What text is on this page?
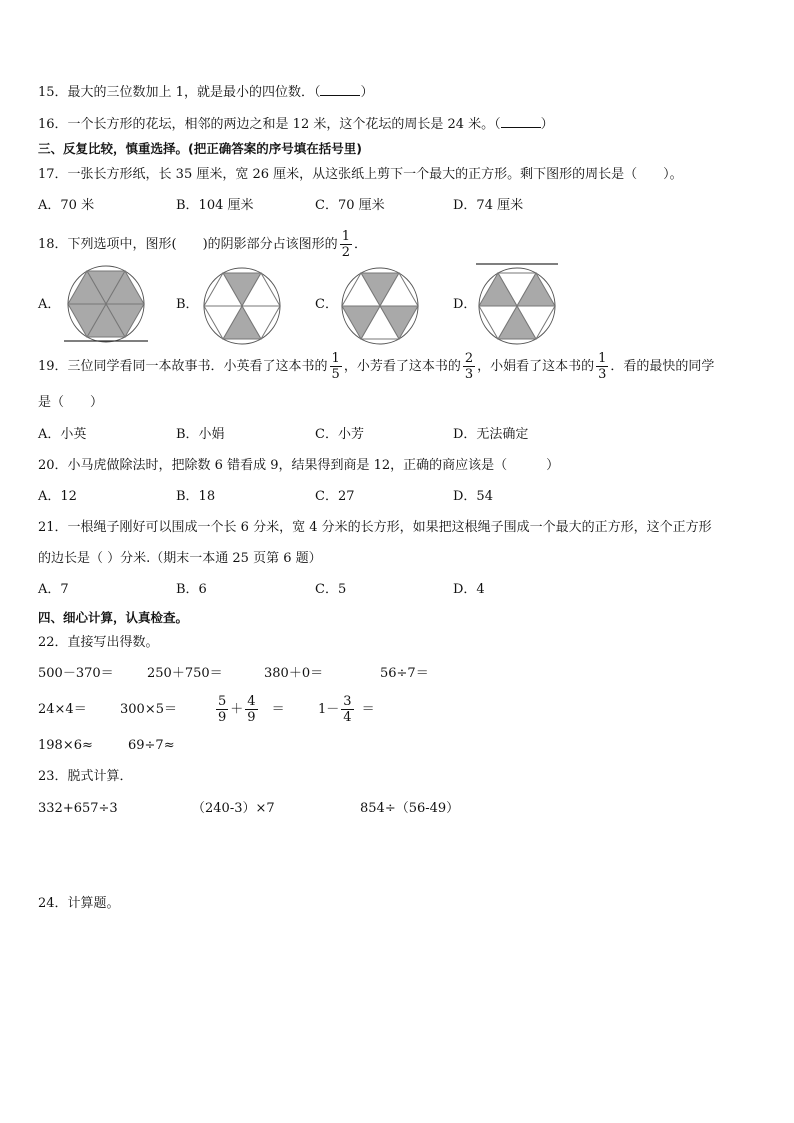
15．最大的三位数加上 1，就是最小的四位数．（	）
16．一个长方形的花坛，相邻的两边之和是 12 米，这个花坛的周长是 24 米。（	）
三、反复比较，慎重选择。(把正确答案的序号填在括号里)
17．一张长方形纸，长 35 厘米，宽 26 厘米，从这张纸上剪下一个最大的正方形。剩下图形的周长是（　　）。
A．70 米	B．104 厘米	C．70 厘米	D．74 厘米
18．下列选项中，图形(　　)的阴影部分占该图形的 $\frac{1}{2}$ ．
A．	B．	C．	D．
19．三位同学看同一本故事书．小英看了这本书的 $\frac{1}{5}$ ，小芳看了这本书的 $\frac{2}{3}$ ，小娟看了这本书的 $\frac{1}{3}$ ．看的最快的同学
是（　　）
A．小英	B．小娟	C．小芳	D．无法确定
20．小马虎做除法时，把除数 6 错看成 9，结果得到商是 12，正确的商应该是（　　　）
A．12	B．18	C．27	D．54
21．一根绳子刚好可以围成一个长 6 分米，宽 4 分米的长方形，如果把这根绳子围成一个最大的正方形，这个正方形
的边长是（ ）分米.（期末一本通 25 页第 6 题）
A．7	B．6	C．5	D．4
四、细心计算，认真检查。
22．直接写出得数。
500－370＝	250＋750＝	380＋0＝	56÷7＝
24×4＝	300×5＝	$\frac{5}{9} + \frac{4}{9}$ ＝	$1- \frac{3}{4}$ ＝
198×6≈	69÷7≈
23．脱式计算．
332+657÷3	（240-3）×7	854÷（56-49）
24．计算题。
